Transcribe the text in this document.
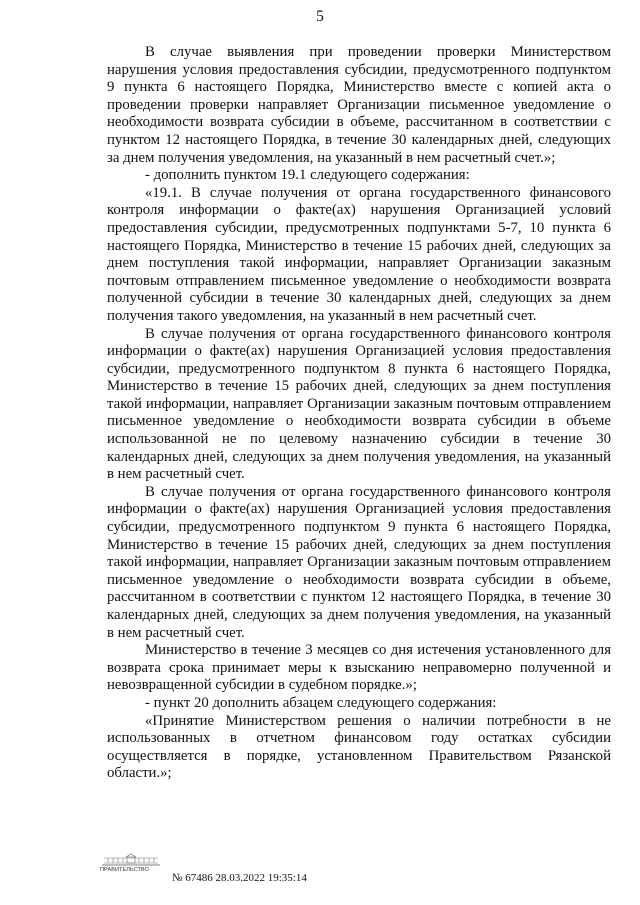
5

В случае выявления при проведении проверки Министерством нарушения условия предоставления субсидии, предусмотренного подпунктом 9 пункта 6 настоящего Порядка, Министерство вместе с копией акта о проведении проверки направляет Организации письменное уведомление о необходимости возврата субсидии в объеме, рассчитанном в соответствии с пунктом 12 настоящего Порядка, в течение 30 календарных дней, следующих за днем получения уведомления, на указанный в нем расчетный счет.»;

- дополнить пунктом 19.1 следующего содержания:

«19.1. В случае получения от органа государственного финансового контроля информации о факте(ах) нарушения Организацией условий предоставления субсидии, предусмотренных подпунктами 5-7, 10 пункта 6 настоящего Порядка, Министерство в течение 15 рабочих дней, следующих за днем поступления такой информации, направляет Организации заказным почтовым отправлением письменное уведомление о необходимости возврата полученной субсидии в течение 30 календарных дней, следующих за днем получения такого уведомления, на указанный в нем расчетный счет.

В случае получения от органа государственного финансового контроля информации о факте(ах) нарушения Организацией условия предоставления субсидии, предусмотренного подпунктом 8 пункта 6 настоящего Порядка, Министерство в течение 15 рабочих дней, следующих за днем поступления такой информации, направляет Организации заказным почтовым отправлением письменное уведомление о необходимости возврата субсидии в объеме использованной не по целевому назначению субсидии в течение 30 календарных дней, следующих за днем получения уведомления, на указанный в нем расчетный счет.

В случае получения от органа государственного финансового контроля информации о факте(ах) нарушения Организацией условия предоставления субсидии, предусмотренного подпунктом 9 пункта 6 настоящего Порядка, Министерство в течение 15 рабочих дней, следующих за днем поступления такой информации, направляет Организации заказным почтовым отправлением письменное уведомление о необходимости возврата субсидии в объеме, рассчитанном в соответствии с пунктом 12 настоящего Порядка, в течение 30 календарных дней, следующих за днем получения уведомления, на указанный в нем расчетный счет.

Министерство в течение 3 месяцев со дня истечения установленного для возврата срока принимает меры к взысканию неправомерно полученной и невозвращенной субсидии в судебном порядке.»;

- пункт 20 дополнить абзацем следующего содержания:

«Принятие Министерством решения о наличии потребности в не использованных в отчетном финансовом году остатках субсидии осуществляется в порядке, установленном Правительством Рязанской области.»;

ПРАВИТЕЛЬСТВО
№ 67486 28.03.2022 19:35:14
